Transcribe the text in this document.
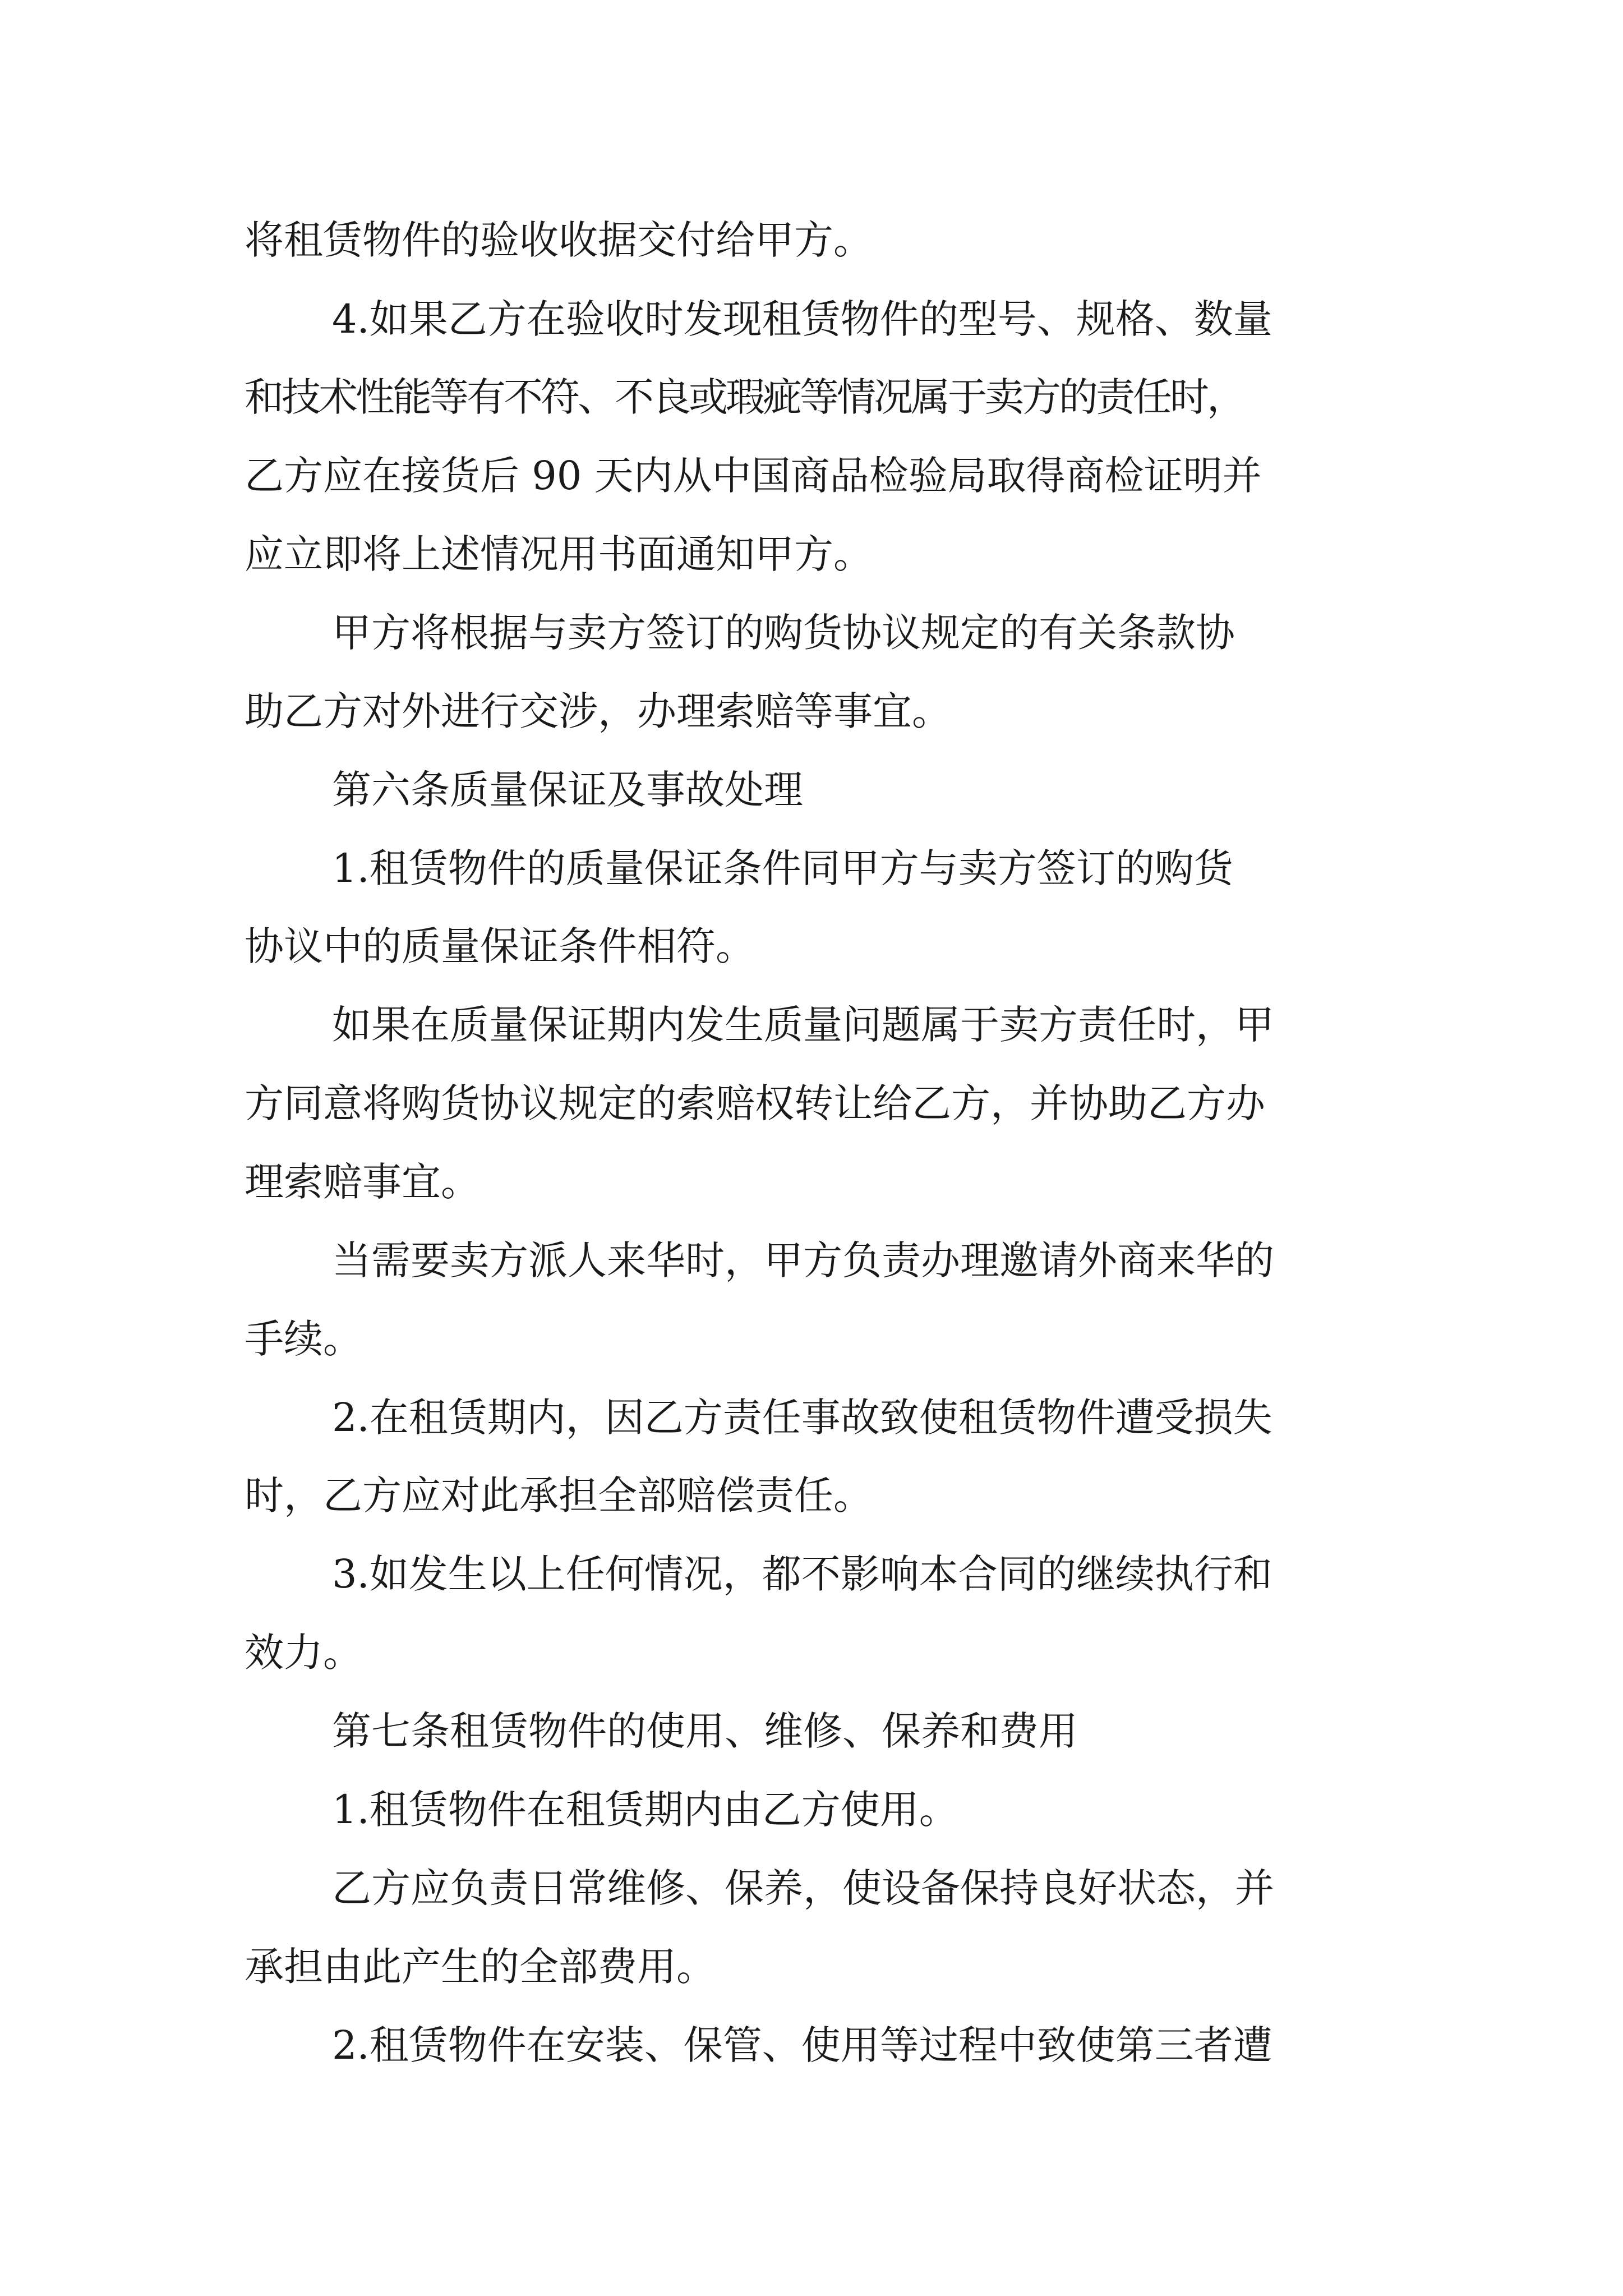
将租赁物件的验收收据交付给甲方。

4.如果乙方在验收时发现租赁物件的型号、规格、数量

和技术性能等有不符、不良或瑕疵等情况属于卖方的责任时，

乙方应在接货后 90 天内从中国商品检验局取得商检证明并

应立即将上述情况用书面通知甲方。

甲方将根据与卖方签订的购货协议规定的有关条款协

助乙方对外进行交涉，办理索赔等事宜。

第六条质量保证及事故处理

1.租赁物件的质量保证条件同甲方与卖方签订的购货

协议中的质量保证条件相符。

如果在质量保证期内发生质量问题属于卖方责任时，甲

方同意将购货协议规定的索赔权转让给乙方，并协助乙方办

理索赔事宜。

当需要卖方派人来华时，甲方负责办理邀请外商来华的

手续。

2.在租赁期内，因乙方责任事故致使租赁物件遭受损失

时，乙方应对此承担全部赔偿责任。

3.如发生以上任何情况，都不影响本合同的继续执行和

效力。

第七条租赁物件的使用、维修、保养和费用

1.租赁物件在租赁期内由乙方使用。

乙方应负责日常维修、保养，使设备保持良好状态，并

承担由此产生的全部费用。

2.租赁物件在安装、保管、使用等过程中致使第三者遭
